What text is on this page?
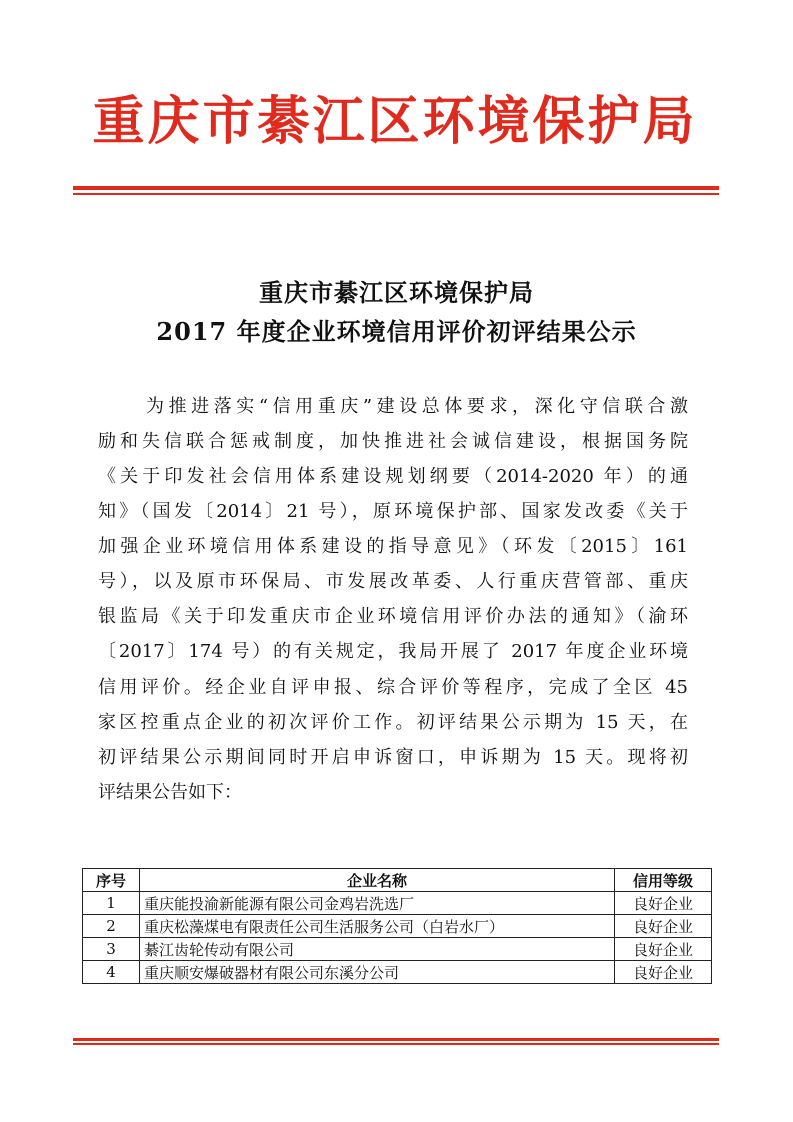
重庆市綦江区环境保护局
重庆市綦江区环境保护局
2017 年度企业环境信用评价初评结果公示
为推进落实“信用重庆”建设总体要求，深化守信联合激
励和失信联合惩戒制度，加快推进社会诚信建设，根据国务院
《关于印发社会信用体系建设规划纲要（2014-2020 年）的通
知》（国发〔2014〕21 号），原环境保护部、国家发改委《关于
加强企业环境信用体系建设的指导意见》（环发〔2015〕161
号），以及原市环保局、市发展改革委、人行重庆营管部、重庆
银监局《关于印发重庆市企业环境信用评价办法的通知》（渝环
〔2017〕174 号）的有关规定，我局开展了 2017 年度企业环境
信用评价。经企业自评申报、综合评价等程序，完成了全区 45
家区控重点企业的初次评价工作。初评结果公示期为 15 天，在
初评结果公示期间同时开启申诉窗口，申诉期为 15 天。现将初
评结果公告如下：
序号	企业名称	信用等级
1	重庆能投渝新能源有限公司金鸡岩洗选厂	良好企业
2	重庆松藻煤电有限责任公司生活服务公司（白岩水厂）	良好企业
3	綦江齿轮传动有限公司	良好企业
4	重庆顺安爆破器材有限公司东溪分公司	良好企业
